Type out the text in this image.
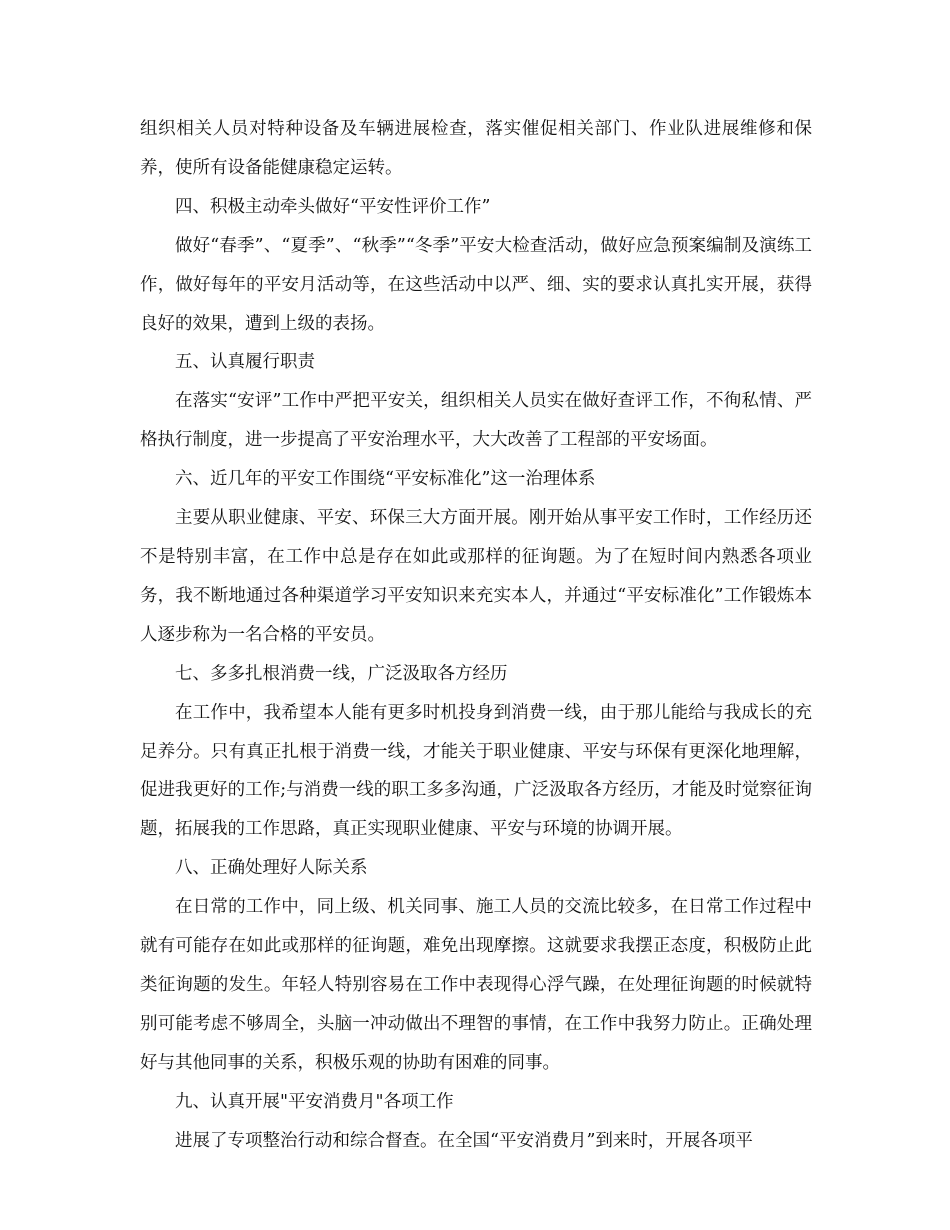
组织相关人员对特种设备及车辆进展检查，落实催促相关部门、作业队进展维修和保养，使所有设备能健康稳定运转。

四、积极主动牵头做好“平安性评价工作”

做好“春季”、“夏季”、“秋季”“冬季”平安大检查活动，做好应急预案编制及演练工作，做好每年的平安月活动等，在这些活动中以严、细、实的要求认真扎实开展，获得良好的效果，遭到上级的表扬。

五、认真履行职责

在落实“安评”工作中严把平安关，组织相关人员实在做好查评工作，不徇私情、严格执行制度，进一步提高了平安治理水平，大大改善了工程部的平安场面。

六、近几年的平安工作围绕“平安标准化”这一治理体系

主要从职业健康、平安、环保三大方面开展。刚开始从事平安工作时，工作经历还不是特别丰富，在工作中总是存在如此或那样的征询题。为了在短时间内熟悉各项业务，我不断地通过各种渠道学习平安知识来充实本人，并通过“平安标准化”工作锻炼本人逐步称为一名合格的平安员。

七、多多扎根消费一线，广泛汲取各方经历

在工作中，我希望本人能有更多时机投身到消费一线，由于那儿能给与我成长的充足养分。只有真正扎根于消费一线，才能关于职业健康、平安与环保有更深化地理解，促进我更好的工作;与消费一线的职工多多沟通，广泛汲取各方经历，才能及时觉察征询题，拓展我的工作思路，真正实现职业健康、平安与环境的协调开展。

八、正确处理好人际关系

在日常的工作中，同上级、机关同事、施工人员的交流比较多，在日常工作过程中就有可能存在如此或那样的征询题，难免出现摩擦。这就要求我摆正态度，积极防止此类征询题的发生。年轻人特别容易在工作中表现得心浮气躁，在处理征询题的时候就特别可能考虑不够周全，头脑一冲动做出不理智的事情，在工作中我努力防止。正确处理好与其他同事的关系，积极乐观的协助有困难的同事。

九、认真开展"平安消费月"各项工作

进展了专项整治行动和综合督查。在全国“平安消费月”到来时，开展各项平
